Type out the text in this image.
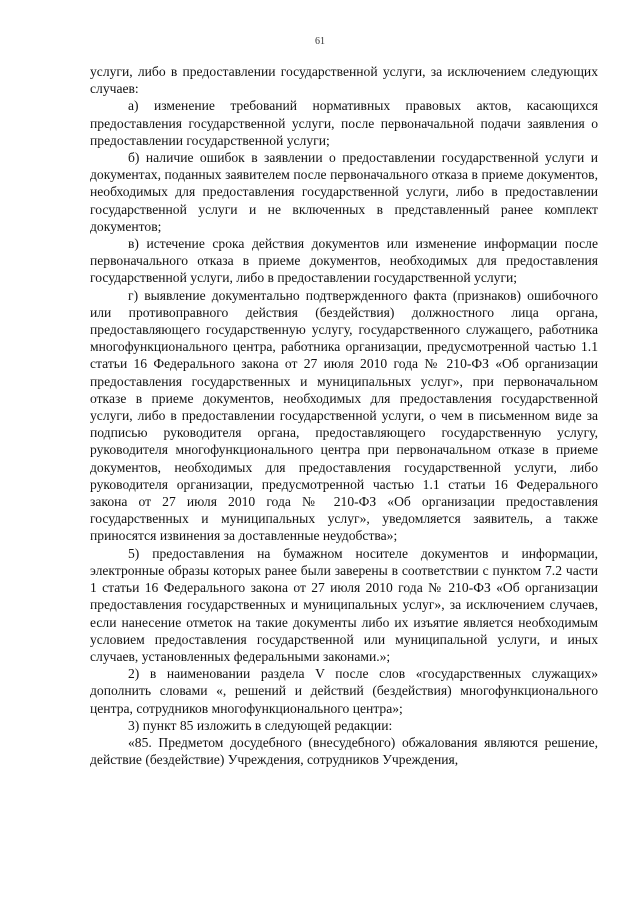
61

услуги, либо в предоставлении государственной услуги, за исключением следующих случаев:

а) изменение требований нормативных правовых актов, касающихся предоставления государственной услуги, после первоначальной подачи заявления о предоставлении государственной услуги;

б) наличие ошибок в заявлении о предоставлении государственной услуги и документах, поданных заявителем после первоначального отказа в приеме документов, необходимых для предоставления государственной услуги, либо в предоставлении государственной услуги и не включенных в представленный ранее комплект документов;

в) истечение срока действия документов или изменение информации после первоначального отказа в приеме документов, необходимых для предоставления государственной услуги, либо в предоставлении государственной услуги;

г) выявление документально подтвержденного факта (признаков) ошибочного или противоправного действия (бездействия) должностного лица органа, предоставляющего государственную услугу, государственного служащего, работника многофункционального центра, работника организации, предусмотренной частью 1.1 статьи 16 Федерального закона от 27 июля 2010 года № 210-ФЗ «Об организации предоставления государственных и муниципальных услуг», при первоначальном отказе в приеме документов, необходимых для предоставления государственной услуги, либо в предоставлении государственной услуги, о чем в письменном виде за подписью руководителя органа, предоставляющего государственную услугу, руководителя многофункционального центра при первоначальном отказе в приеме документов, необходимых для предоставления государственной услуги, либо руководителя организации, предусмотренной частью 1.1 статьи 16 Федерального закона от 27 июля 2010 года № 210-ФЗ «Об организации предоставления государственных и муниципальных услуг», уведомляется заявитель, а также приносятся извинения за доставленные неудобства»;

5) предоставления на бумажном носителе документов и информации, электронные образы которых ранее были заверены в соответствии с пунктом 7.2 части 1 статьи 16 Федерального закона от 27 июля 2010 года № 210-ФЗ «Об организации предоставления государственных и муниципальных услуг», за исключением случаев, если нанесение отметок на такие документы либо их изъятие является необходимым условием предоставления государственной или муниципальной услуги, и иных случаев, установленных федеральными законами.»;

2) в наименовании раздела V после слов «государственных служащих» дополнить словами «, решений и действий (бездействия) многофункционального центра, сотрудников многофункционального центра»;

3) пункт 85 изложить в следующей редакции:

«85. Предметом досудебного (внесудебного) обжалования являются решение, действие (бездействие) Учреждения, сотрудников Учреждения,
